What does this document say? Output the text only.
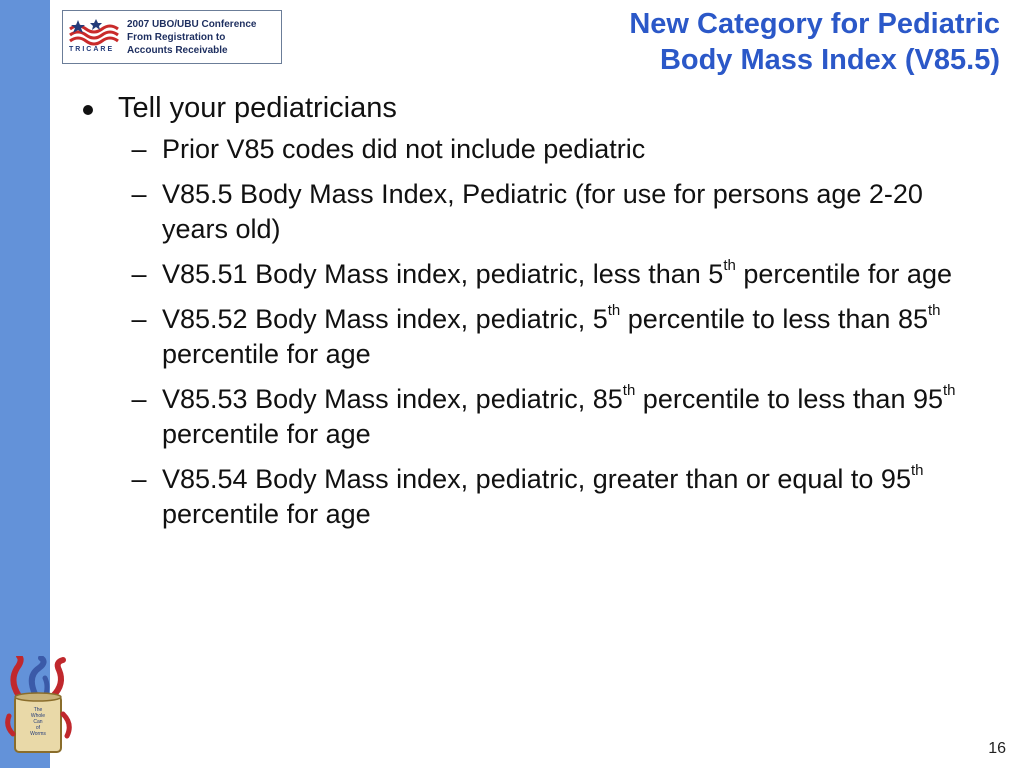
TRICARE
2007 UBO/UBU Conference
From Registration to
Accounts Receivable
New Category for Pediatric
Body Mass Index (V85.5)
Tell your pediatricians
– Prior V85 codes did not include pediatric
– V85.5 Body Mass Index, Pediatric (for use for persons age 2-20 years old)
– V85.51 Body Mass index, pediatric, less than 5th percentile for age
– V85.52 Body Mass index, pediatric, 5th percentile to less than 85th percentile for age
– V85.53 Body Mass index, pediatric, 85th percentile to less than 95th percentile for age
– V85.54 Body Mass index, pediatric, greater than or equal to 95th percentile for age
The
Whole
Can
of
Worms
16
